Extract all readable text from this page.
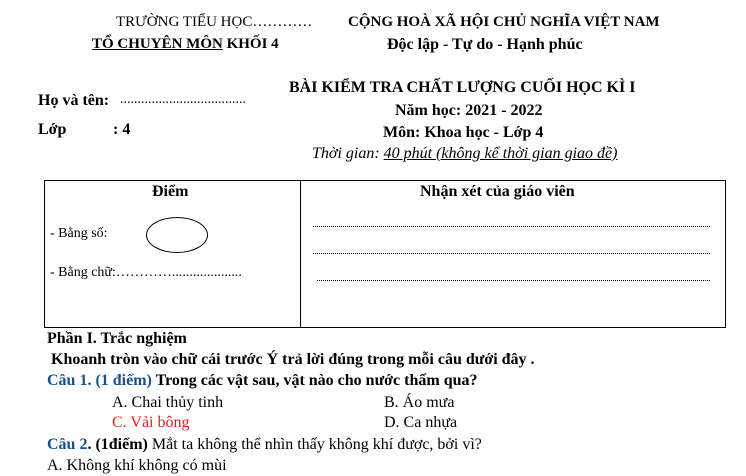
TRƯỜNG TIỂU HỌC…………
TỔ CHUYÊN MÔN KHỐI 4
CỘNG HOÀ XÃ HỘI CHỦ NGHĨA VIỆT NAM
Độc lập - Tự do - Hạnh phúc
Họ và tên: ....................................
Lớp	: 4
BÀI KIỂM TRA CHẤT LƯỢNG CUỐI HỌC KÌ I
Năm học: 2021 - 2022
Môn: Khoa học - Lớp 4
Thời gian: 40 phút (không kể thời gian giao đề)
Điểm	Nhận xét của giáo viên
- Bằng số:
- Bằng chữ:…………....................
Phần I. Trắc nghiệm
Khoanh tròn vào chữ cái trước Ý trả lời đúng trong mỗi câu dưới đây .
Câu 1. (1 điểm) Trong các vật sau, vật nào cho nước thấm qua?
A. Chai thủy tinh	B. Áo mưa
C. Vải bông	D. Ca nhựa
Câu 2. (1điểm) Mắt ta không thể nhìn thấy không khí được, bởi vì?
A. Không khí không có mùi
